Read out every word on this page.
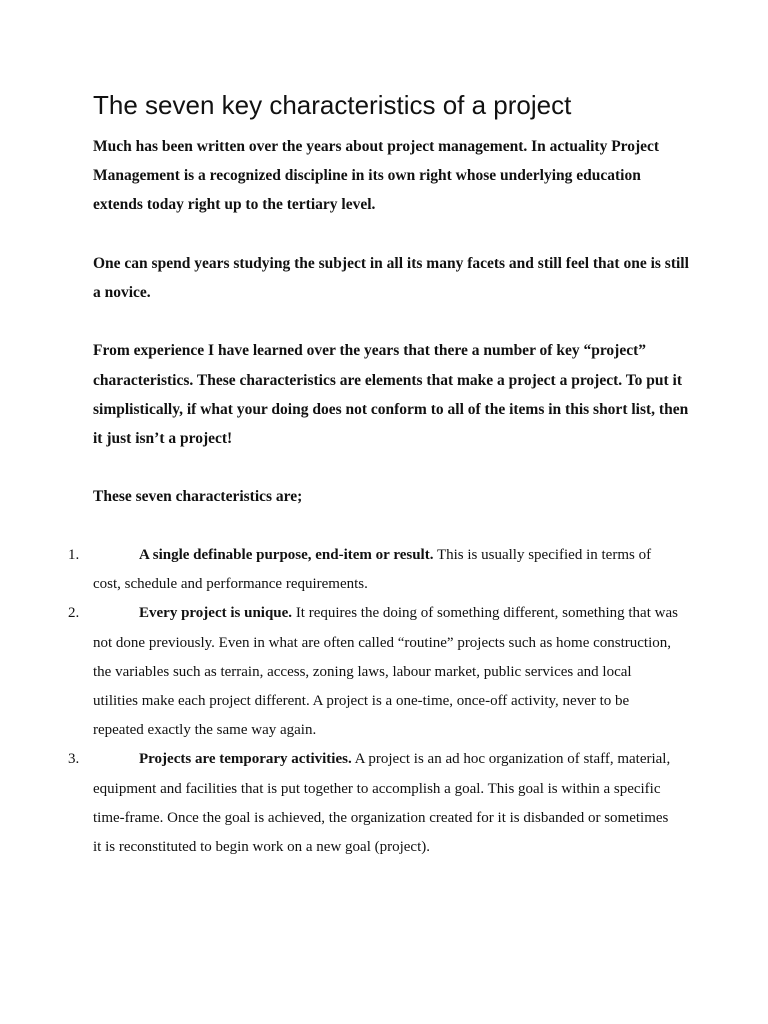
The seven key characteristics of a project

Much has been written over the years about project management. In actuality Project Management is a recognized discipline in its own right whose underlying education extends today right up to the tertiary level.

One can spend years studying the subject in all its many facets and still feel that one is still a novice.

From experience I have learned over the years that there a number of key “project” characteristics. These characteristics are elements that make a project a project. To put it simplistically, if what your doing does not conform to all of the items in this short list, then it just isn’t a project!

These seven characteristics are;

1.	A single definable purpose, end-item or result. This is usually specified in terms of cost, schedule and performance requirements.
2.	Every project is unique. It requires the doing of something different, something that was not done previously. Even in what are often called “routine” projects such as home construction, the variables such as terrain, access, zoning laws, labour market, public services and local utilities make each project different. A project is a one-time, once-off activity, never to be repeated exactly the same way again.
3.	Projects are temporary activities. A project is an ad hoc organization of staff, material, equipment and facilities that is put together to accomplish a goal. This goal is within a specific time-frame. Once the goal is achieved, the organization created for it is disbanded or sometimes it is reconstituted to begin work on a new goal (project).
